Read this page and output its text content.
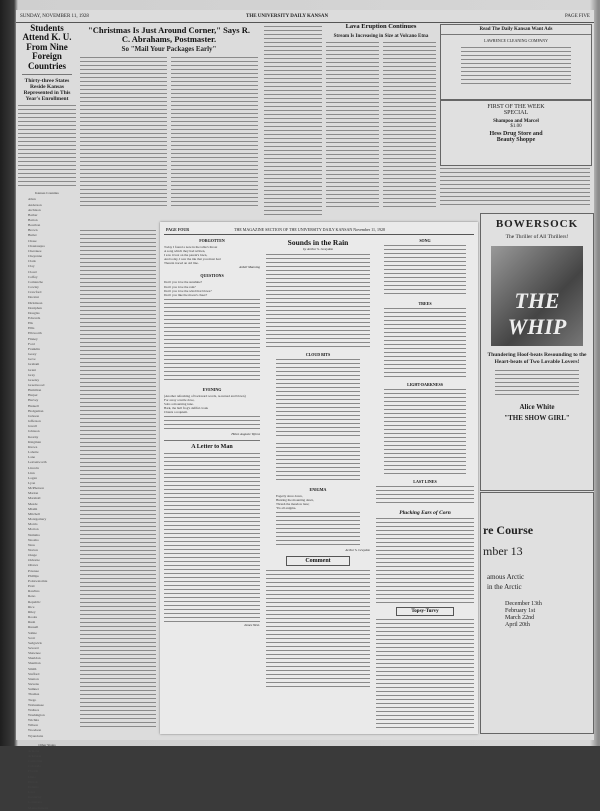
SUNDAY, NOVEMBER 11, 1928	THE UNIVERSITY DAILY KANSAN	PAGE FIVE
Students Attend K. U. From Nine Foreign Countries
Thirty-three States Reside Kansas Represented in This Year's Enrollment
Kansas Counties
Allen
Anderson
Atchison
Barber
Barton
Bourbon
Brown
Butler
Chase
Chautauqua
Cherokee
Cheyenne
Clark
Clay
Cloud
Coffey
Comanche
Cowley
Crawford
Decatur
Dickinson
Doniphan
Douglas
Edwards
Elk
Ellis
Ellsworth
Finney
Ford
Franklin
Geary
Gove
Graham
Grant
Gray
Greeley
Greenwood
Hamilton
Harper
Harvey
Haskell
Hodgeman
Jackson
Jefferson
Jewell
Johnson
Kearny
Kingman
Kiowa
Labette
Lane
Leavenworth
Lincoln
Linn
Logan
Lyon
McPherson
Marion
Marshall
Meade
Miami
Mitchell
Montgomery
Morris
Morton
Nemaha
Neosho
Ness
Norton
Osage
Osborne
Ottawa
Pawnee
Phillips
Pottawatomie
Pratt
Rawlins
Reno
Republic
Rice
Riley
Rooks
Rush
Russell
Saline
Scott
Sedgwick
Seward
Shawnee
Sheridan
Sherman
Smith
Stafford
Stanton
Stevens
Sumner
Thomas
Trego
Wabaunsee
Wallace
Washington
Wichita
Wilson
Woodson
Wyandotte
Other States
Arizona
Arkansas
California
Colorado
Florida
Idaho
Illinois
Indiana
Iowa
Kentucky
Louisiana
Massachusetts
"Christmas Is Just Around Corner," Says R. C. Abrahams, Postmaster.
So "Mail Your Packages Early"
Lava Eruption Continues
Stream Is Increasing in Size at Volcano Etna
Read The Daily Kansan Want Ads
LAWRENCE CLEANING COMPANY
FIRST OF THE WEEK
SPECIAL
Shampoo and Marcel
$1.00
Hess Drug Store and
Beauty Shoppe
BOWERSOCK
The Thriller of All Thrillers!
THE WHIP
Thundering Hoof-beats Resounding to the Heart-beats of Two Lovable Lovers!
Alice White
"THE SHOW GIRL"
re Course
mber 13
amous Arctic
in the Arctic
December 13th
February 1st
March 22nd
April 20th
PAGE FOUR	THE MAGAZINE SECTION OF THE UNIVERSITY DAILY KANSAN November 11, 1928
FORGOTTEN
Today I found a note in the table's throat
A song which they had written,
I saw it lost on the parent's lawn,
And today, I saw the ink that you must had
Therein traced an old line.
Ardell Manning
QUESTIONS
Don't you love the sunshine?
Don't you love the rain?
Don't you love the wind that blows?
Don't you like the moon's cheer?
EVENING
(Another refreshing of backward words, re-turned and blown)
For away a turtle dove,
Sobs a mourning tune.
Bark, the bull frog's deftful croak
Chants a requiem.
Helen Auguste Wynns
A Letter to Man
James West.
Sounds in the Rain
by Arthur S. Graydon
CLOUD BITS
ENIGMA
Eagerly since dawn,
Hunting the mounting dawn,
Thrush the meadow lane;
'Tis all enigma.
Arthur S. Graydon
Comment
SONG
TREES
LIGHT-DARKNESS
LAST LINES
Plucking Ears of Corn
Topsy-Turvy
